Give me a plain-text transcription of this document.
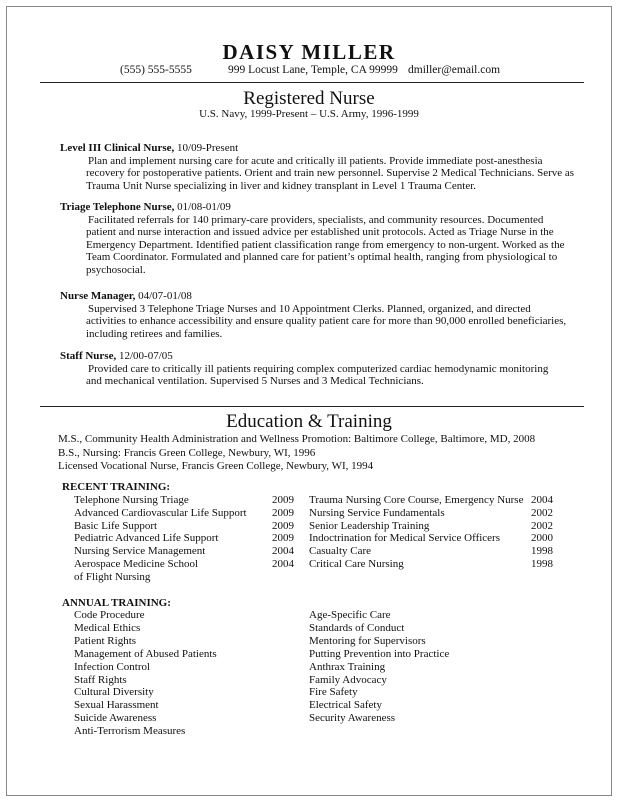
DAISY MILLER
(555) 555-5555	999 Locust Lane, Temple, CA 99999 dmiller@email.com
Registered Nurse
U.S. Navy, 1999-Present – U.S. Army, 1996-1999
Level III Clinical Nurse, 10/09-Present
Plan and implement nursing care for acute and critically ill patients. Provide immediate post-anesthesia
recovery for postoperative patients. Orient and train new personnel. Supervise 2 Medical Technicians. Serve as
Trauma Unit Nurse specializing in liver and kidney transplant in Level 1 Trauma Center.
Triage Telephone Nurse, 01/08-01/09
Facilitated referrals for 140 primary-care providers, specialists, and community resources. Documented
patient and nurse interaction and issued advice per established unit protocols. Acted as Triage Nurse in the
Emergency Department. Identified patient classification range from emergency to non-urgent. Worked as the
Team Coordinator. Formulated and planned care for patient’s optimal health, ranging from physiological to
psychosocial.
Nurse Manager, 04/07-01/08
Supervised 3 Telephone Triage Nurses and 10 Appointment Clerks. Planned, organized, and directed
activities to enhance accessibility and ensure quality patient care for more than 90,000 enrolled beneficiaries,
including retirees and families.
Staff Nurse, 12/00-07/05
Provided care to critically ill patients requiring complex computerized cardiac hemodynamic monitoring
and mechanical ventilation. Supervised 5 Nurses and 3 Medical Technicians.
Education & Training
M.S., Community Health Administration and Wellness Promotion: Baltimore College, Baltimore, MD, 2008
B.S., Nursing: Francis Green College, Newbury, WI, 1996
Licensed Vocational Nurse, Francis Green College, Newbury, WI, 1994
RECENT TRAINING:
Telephone Nursing Triage	2009
Advanced Cardiovascular Life Support 2009
Basic Life Support	2009
Pediatric Advanced Life Support	2009
Nursing Service Management	2004
Aerospace Medicine School	2004
of Flight Nursing
Trauma Nursing Core Course, Emergency Nurse 2004
Nursing Service Fundamentals	2002
Senior Leadership Training	2002
Indoctrination for Medical Service Officers	2000
Casualty Care	1998
Critical Care Nursing	1998
ANNUAL TRAINING:
Code Procedure
Medical Ethics
Patient Rights
Management of Abused Patients
Infection Control
Staff Rights
Cultural Diversity
Sexual Harassment
Suicide Awareness
Anti-Terrorism Measures
Age-Specific Care
Standards of Conduct
Mentoring for Supervisors
Putting Prevention into Practice
Anthrax Training
Family Advocacy
Fire Safety
Electrical Safety
Security Awareness
